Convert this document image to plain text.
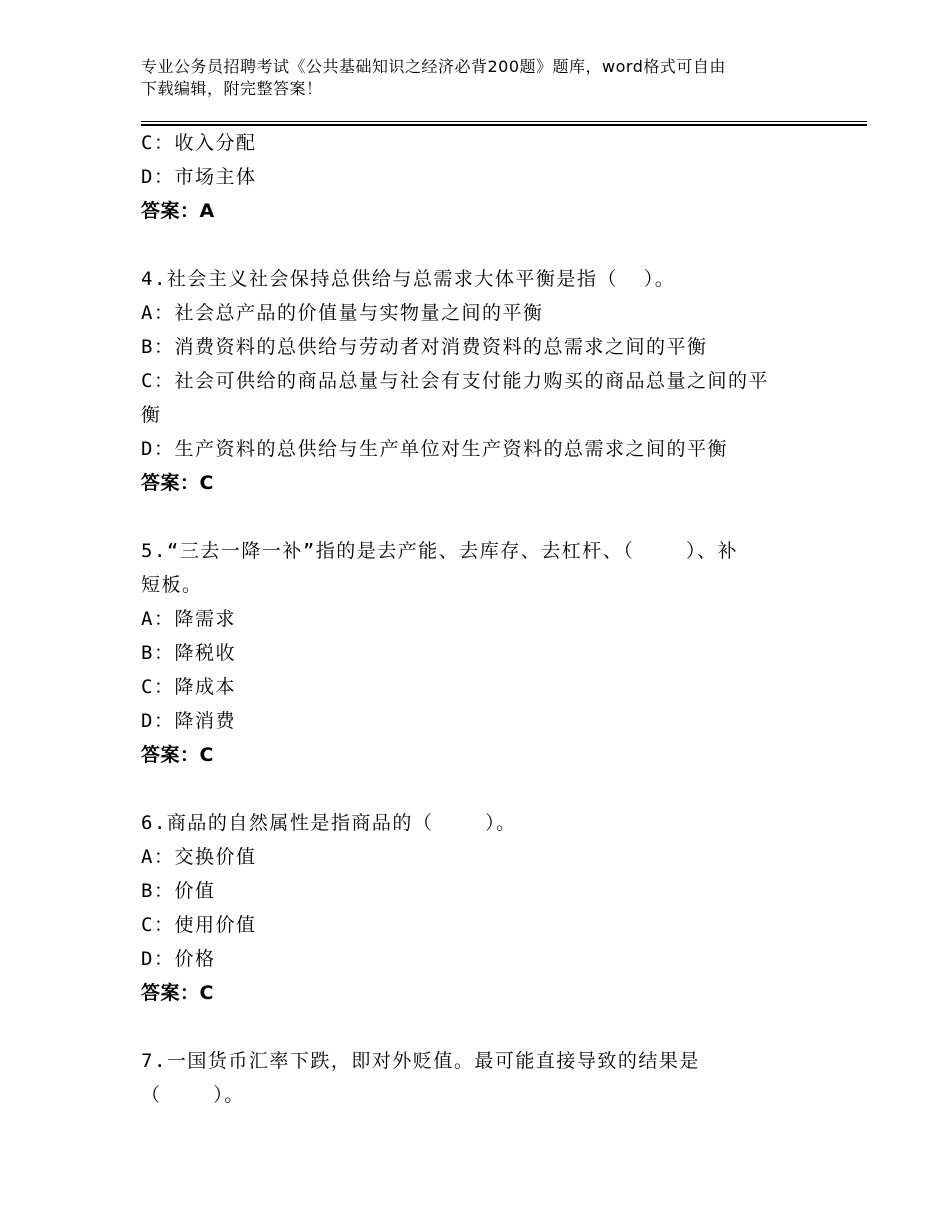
专业公务员招聘考试《公共基础知识之经济必背200题》题库，word格式可自由
下载编辑，附完整答案！
C：收入分配
D：市场主体
答案：A
4.社会主义社会保持总供给与总需求大体平衡是指（  ）。
A：社会总产品的价值量与实物量之间的平衡
B：消费资料的总供给与劳动者对消费资料的总需求之间的平衡
C：社会可供给的商品总量与社会有支付能力购买的商品总量之间的平
衡
D：生产资料的总供给与生产单位对生产资料的总需求之间的平衡
答案：C
5.“三去一降一补”指的是去产能、去库存、去杠杆、（    ）、补
短板。
A：降需求
B：降税收
C：降成本
D：降消费
答案：C
6.商品的自然属性是指商品的（    ）。
A：交换价值
B：价值
C：使用价值
D：价格
答案：C
7.一国货币汇率下跌，即对外贬值。最可能直接导致的结果是
（    ）。
